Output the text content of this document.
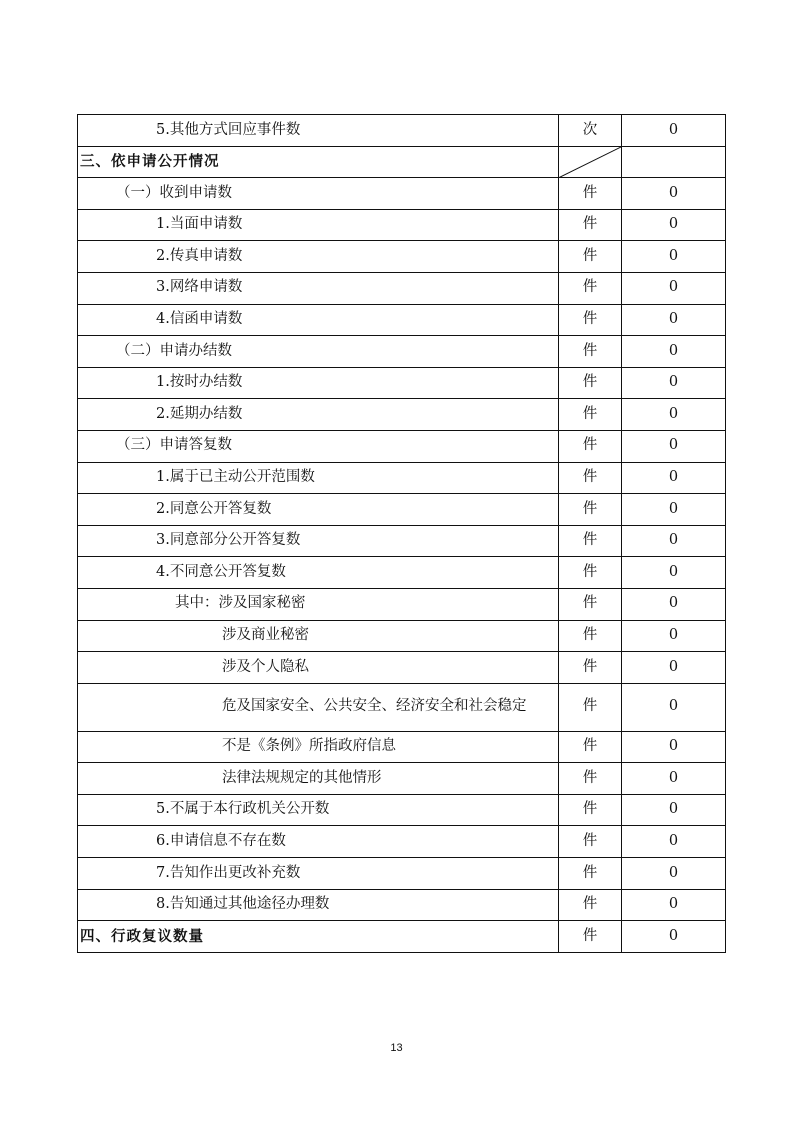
5.其他方式回应事件数	次	0

三、依申请公开情况

（一）收到申请数	件	0

1.当面申请数	件	0

2.传真申请数	件	0

3.网络申请数	件	0

4.信函申请数	件	0

（二）申请办结数	件	0

1.按时办结数	件	0

2.延期办结数	件	0

（三）申请答复数	件	0

1.属于已主动公开范围数	件	0

2.同意公开答复数	件	0

3.同意部分公开答复数	件	0

4.不同意公开答复数	件	0

其中：涉及国家秘密	件	0

涉及商业秘密	件	0

涉及个人隐私	件	0

危及国家安全、公共安全、经济安全和社会稳定	件	0

不是《条例》所指政府信息	件	0

法律法规规定的其他情形	件	0

5.不属于本行政机关公开数	件	0

6.申请信息不存在数	件	0

7.告知作出更改补充数	件	0

8.告知通过其他途径办理数	件	0

四、行政复议数量	件	0
13
